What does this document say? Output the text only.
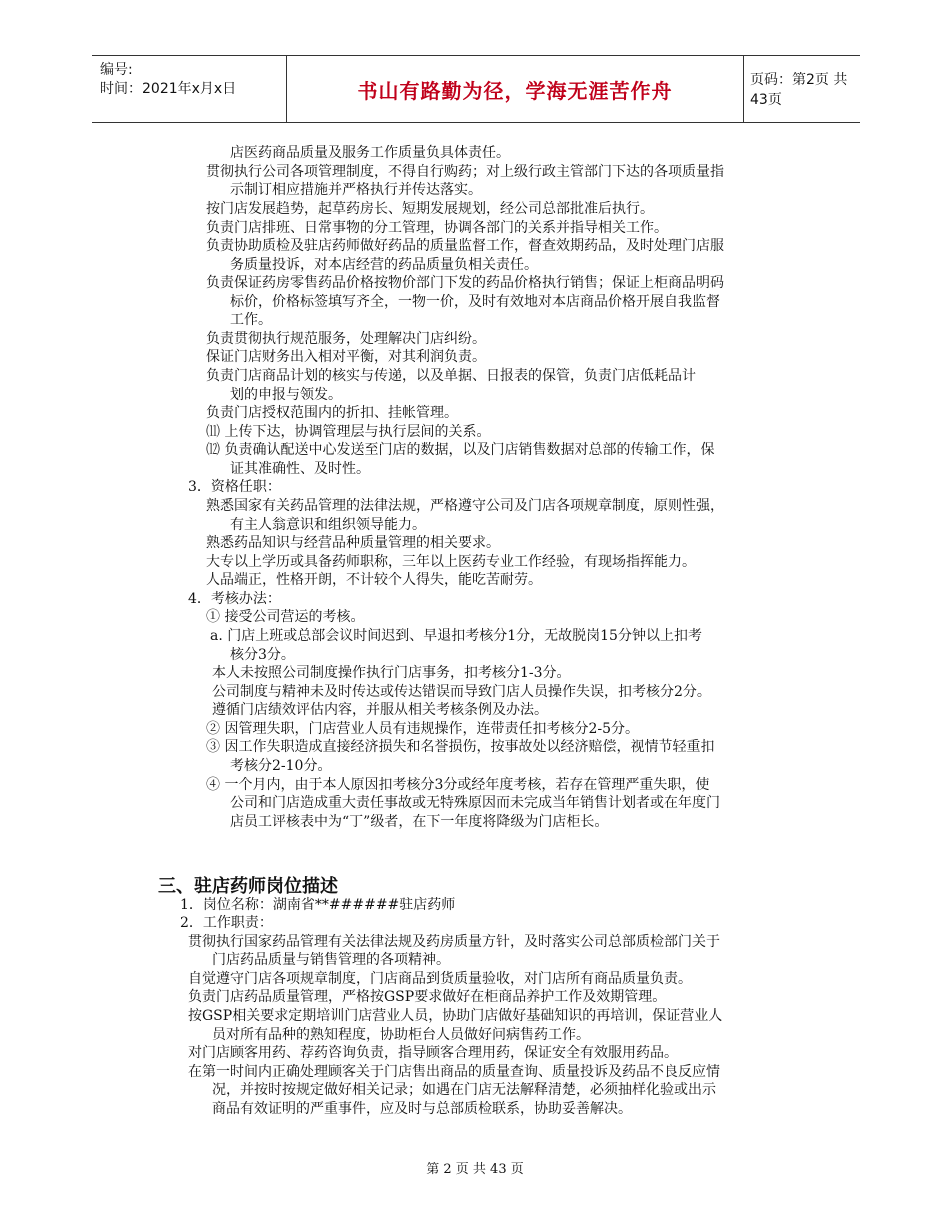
编号:
时间：2021年x月x日	书山有路勤为径，学海无涯苦作舟	页码：第2页 共43页
店医药商品质量及服务工作质量负具体责任。
贯彻执行公司各项管理制度，不得自行购药；对上级行政主管部门下达的各项质量指
示制订相应措施并严格执行并传达落实。
按门店发展趋势，起草药房长、短期发展规划，经公司总部批准后执行。
负责门店排班、日常事物的分工管理，协调各部门的关系并指导相关工作。
负责协助质检及驻店药师做好药品的质量监督工作，督查效期药品，及时处理门店服
务质量投诉，对本店经营的药品质量负相关责任。
负责保证药房零售药品价格按物价部门下发的药品价格执行销售；保证上柜商品明码
标价，价格标签填写齐全，一物一价，及时有效地对本店商品价格开展自我监督
工作。
负责贯彻执行规范服务，处理解决门店纠纷。
保证门店财务出入相对平衡，对其利润负责。
负责门店商品计划的核实与传递，以及单据、日报表的保管，负责门店低耗品计
划的申报与领发。
负责门店授权范围内的折扣、挂帐管理。
⑾ 上传下达，协调管理层与执行层间的关系。
⑿ 负责确认配送中心发送至门店的数据，以及门店销售数据对总部的传输工作，保
证其准确性、及时性。
3．资格任职：
熟悉国家有关药品管理的法律法规，严格遵守公司及门店各项规章制度，原则性强，
有主人翁意识和组织领导能力。
熟悉药品知识与经营品种质量管理的相关要求。
大专以上学历或具备药师职称，三年以上医药专业工作经验，有现场指挥能力。
人品端正，性格开朗，不计较个人得失，能吃苦耐劳。
4．考核办法：
① 接受公司营运的考核。
a. 门店上班或总部会议时间迟到、早退扣考核分1分，无故脱岗15分钟以上扣考
核分3分。
本人未按照公司制度操作执行门店事务，扣考核分1-3分。
公司制度与精神未及时传达或传达错误而导致门店人员操作失误，扣考核分2分。
遵循门店绩效评估内容，并服从相关考核条例及办法。
② 因管理失职，门店营业人员有违规操作，连带责任扣考核分2-5分。
③ 因工作失职造成直接经济损失和名誉损伤，按事故处以经济赔偿，视情节轻重扣
考核分2-10分。
④ 一个月内，由于本人原因扣考核分3分或经年度考核，若存在管理严重失职，使
公司和门店造成重大责任事故或无特殊原因而未完成当年销售计划者或在年度门
店员工评核表中为“丁”级者，在下一年度将降级为门店柜长。
三、驻店药师岗位描述
1．岗位名称：湖南省**######驻店药师
2．工作职责：
贯彻执行国家药品管理有关法律法规及药房质量方针，及时落实公司总部质检部门关于
门店药品质量与销售管理的各项精神。
自觉遵守门店各项规章制度，门店商品到货质量验收，对门店所有商品质量负责。
负责门店药品质量管理，严格按GSP要求做好在柜商品养护工作及效期管理。
按GSP相关要求定期培训门店营业人员，协助门店做好基础知识的再培训，保证营业人
员对所有品种的熟知程度，协助柜台人员做好问病售药工作。
对门店顾客用药、荐药咨询负责，指导顾客合理用药，保证安全有效服用药品。
在第一时间内正确处理顾客关于门店售出商品的质量查询、质量投诉及药品不良反应情
况，并按时按规定做好相关记录；如遇在门店无法解释清楚，必须抽样化验或出示
商品有效证明的严重事件，应及时与总部质检联系，协助妥善解决。
第 2 页 共 43 页
